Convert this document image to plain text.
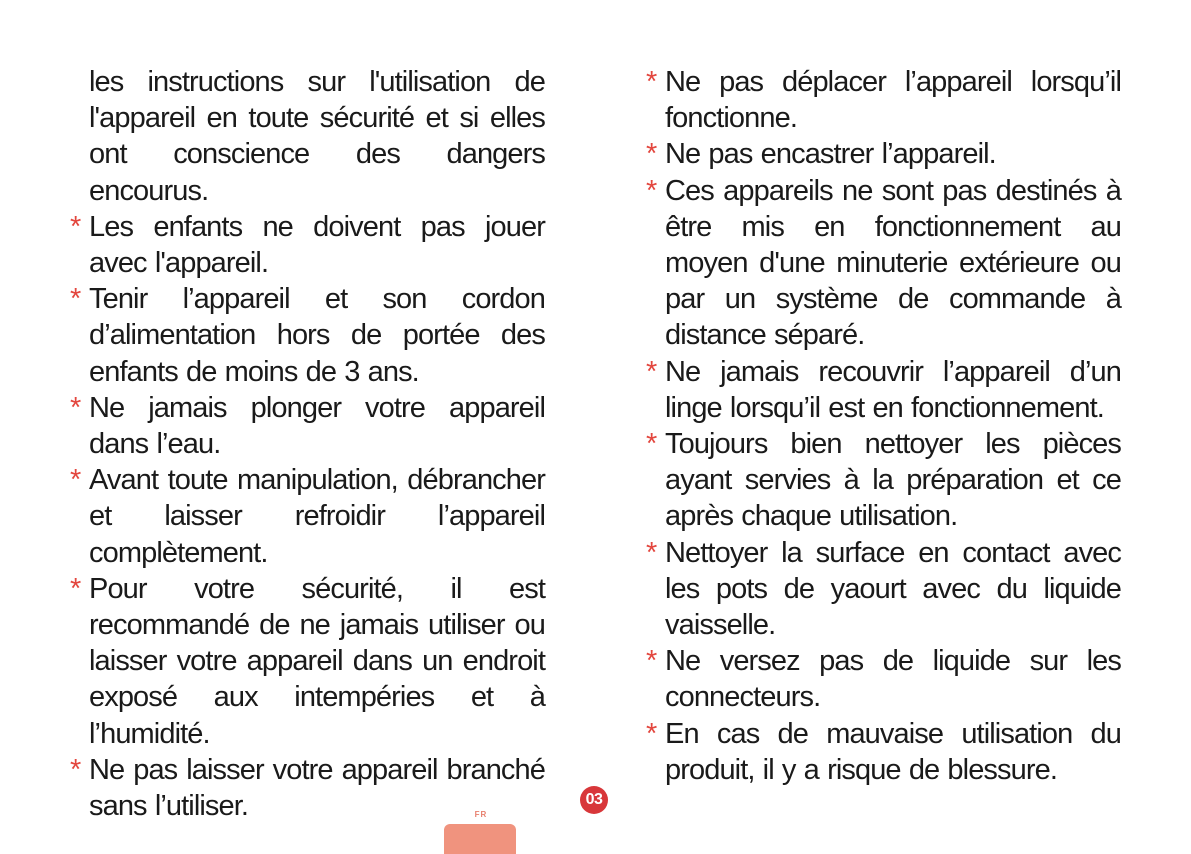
les instructions sur l'utilisation de l'appareil en toute sécurité et si elles ont conscience des dangers encourus.
* Les enfants ne doivent pas jouer avec l'appareil.
* Tenir l’appareil et son cordon d’alimentation hors de portée des enfants de moins de 3 ans.
* Ne jamais plonger votre appareil dans l’eau.
* Avant toute manipulation, débrancher et laisser refroidir l’appareil complètement.
* Pour votre sécurité, il est recommandé de ne jamais utiliser ou laisser votre appareil dans un endroit exposé aux intempéries et à l’humidité.
* Ne pas laisser votre appareil branché sans l’utiliser.
* Ne pas déplacer l’appareil lorsqu’il fonctionne.
* Ne pas encastrer l’appareil.
* Ces appareils ne sont pas destinés à être mis en fonctionnement au moyen d'une minuterie extérieure ou par un système de commande à distance séparé.
* Ne jamais recouvrir l’appareil d’un linge lorsqu’il est en fonctionnement.
* Toujours bien nettoyer les pièces ayant servies à la préparation et ce après chaque utilisation.
* Nettoyer la surface en contact avec les pots de yaourt avec du liquide vaisselle.
* Ne versez pas de liquide sur les connecteurs.
* En cas de mauvaise utilisation du produit, il y a risque de blessure.
03
FR
